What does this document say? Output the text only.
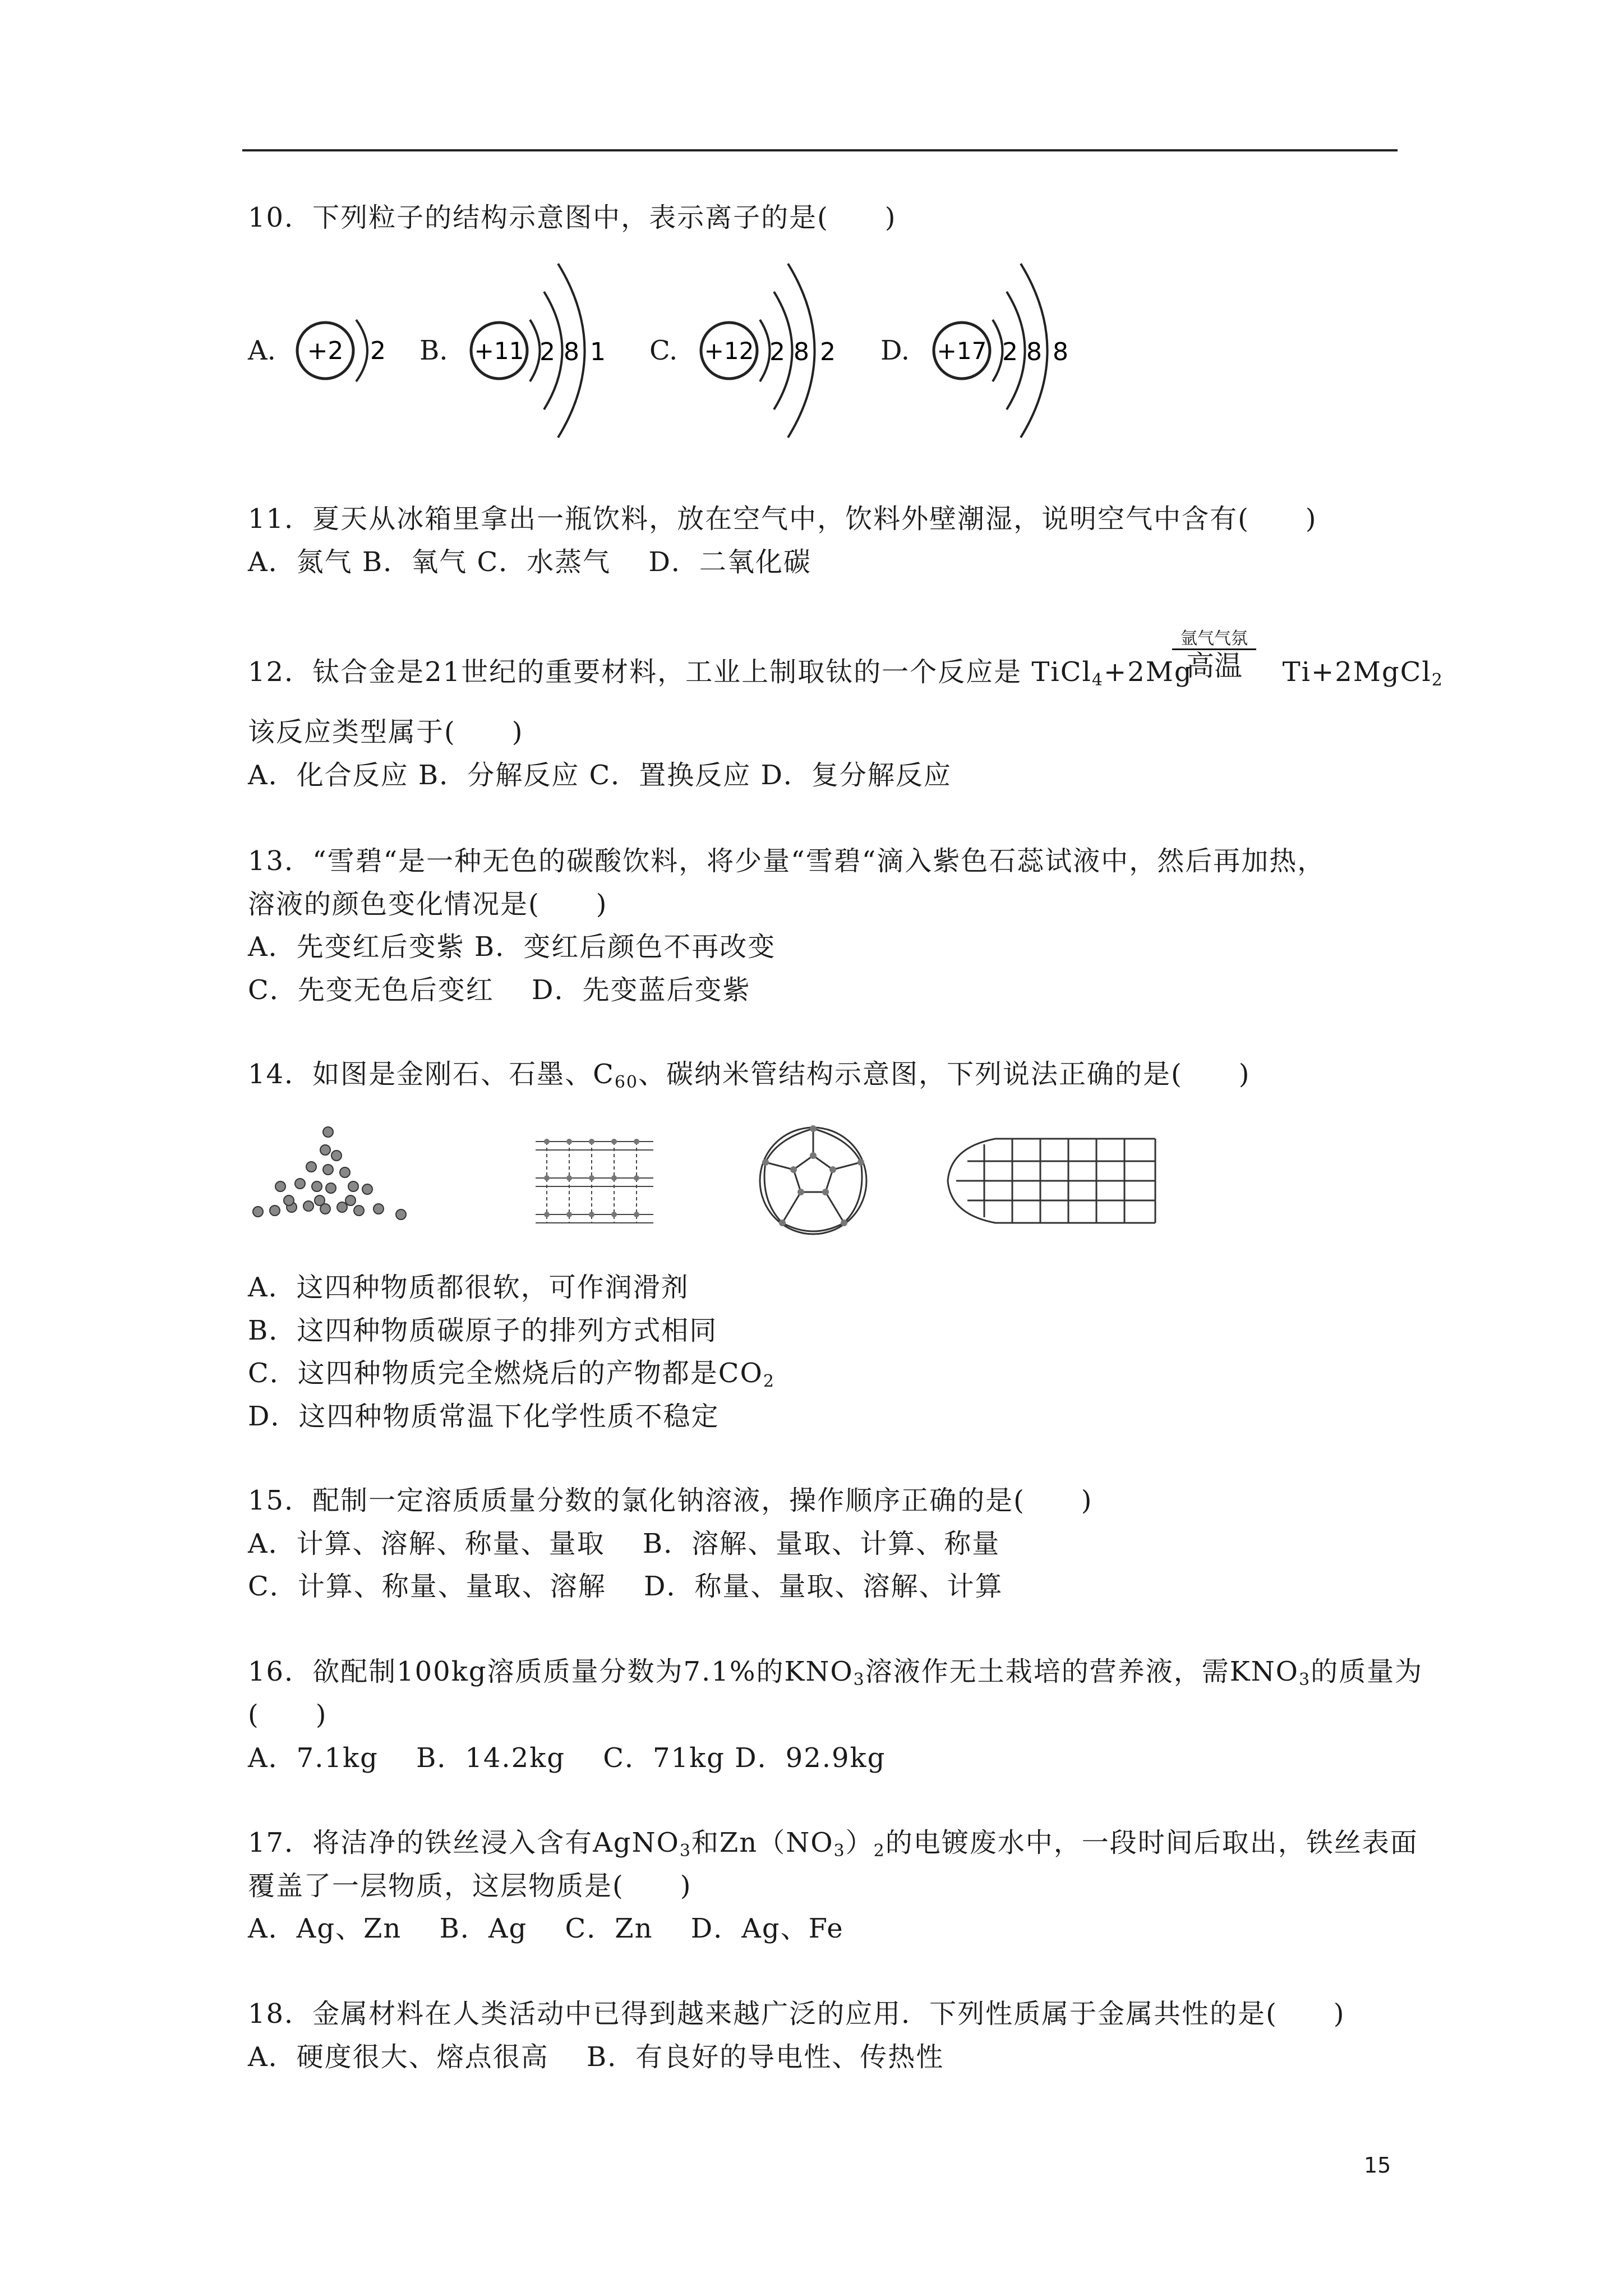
10．下列粒子的结构示意图中，表示离子的是(　　)
A. +2 2 B. +11 2 8 1 C. +12 2 8 2 D. +17 2 8 8
11．夏天从冰箱里拿出一瓶饮料，放在空气中，饮料外壁潮湿，说明空气中含有(　　)
A．氮气 B．氧气 C．水蒸气　 D．二氧化碳
12．钛合金是21世纪的重要材料，工业上制取钛的一个反应是 TiCl$_4$+2Mg	Ti+2MgCl$_2$
氩气气氛
高温
该反应类型属于(　　)
A．化合反应 B．分解反应 C．置换反应 D．复分解反应
13．“雪碧“是一种无色的碳酸饮料，将少量“雪碧“滴入紫色石蕊试液中，然后再加热，
溶液的颜色变化情况是(　　)
A．先变红后变紫 B．变红后颜色不再改变
C．先变无色后变红　 D．先变蓝后变紫
14．如图是金刚石、石墨、$C_{60}$、碳纳米管结构示意图，下列说法正确的是(　　)
A．这四种物质都很软，可作润滑剂
B．这四种物质碳原子的排列方式相同
C．这四种物质完全燃烧后的产物都是$CO_2$
D．这四种物质常温下化学性质不稳定
15．配制一定溶质质量分数的氯化钠溶液，操作顺序正确的是(　　)
A．计算、溶解、称量、量取　 B．溶解、量取、计算、称量
C．计算、称量、量取、溶解　 D．称量、量取、溶解、计算
16．欲配制100kg溶质质量分数为7.1%的$KNO_3$溶液作无土栽培的营养液，需$KNO_3$的质量为
(　　)
A．7.1kg　 B．14.2kg　 C．71kg D．92.9kg
17．将洁净的铁丝浸入含有AgNO$_3$和$Zn(NO_3)_2$的电镀废水中，一段时间后取出，铁丝表面
覆盖了一层物质，这层物质是(　　)
A．Ag、Zn　 B．Ag　 C．Zn　 D．Ag、Fe
18．金属材料在人类活动中已得到越来越广泛的应用．下列性质属于金属共性的是(　　)
A．硬度很大、熔点很高　 B．有良好的导电性、传热性
15
